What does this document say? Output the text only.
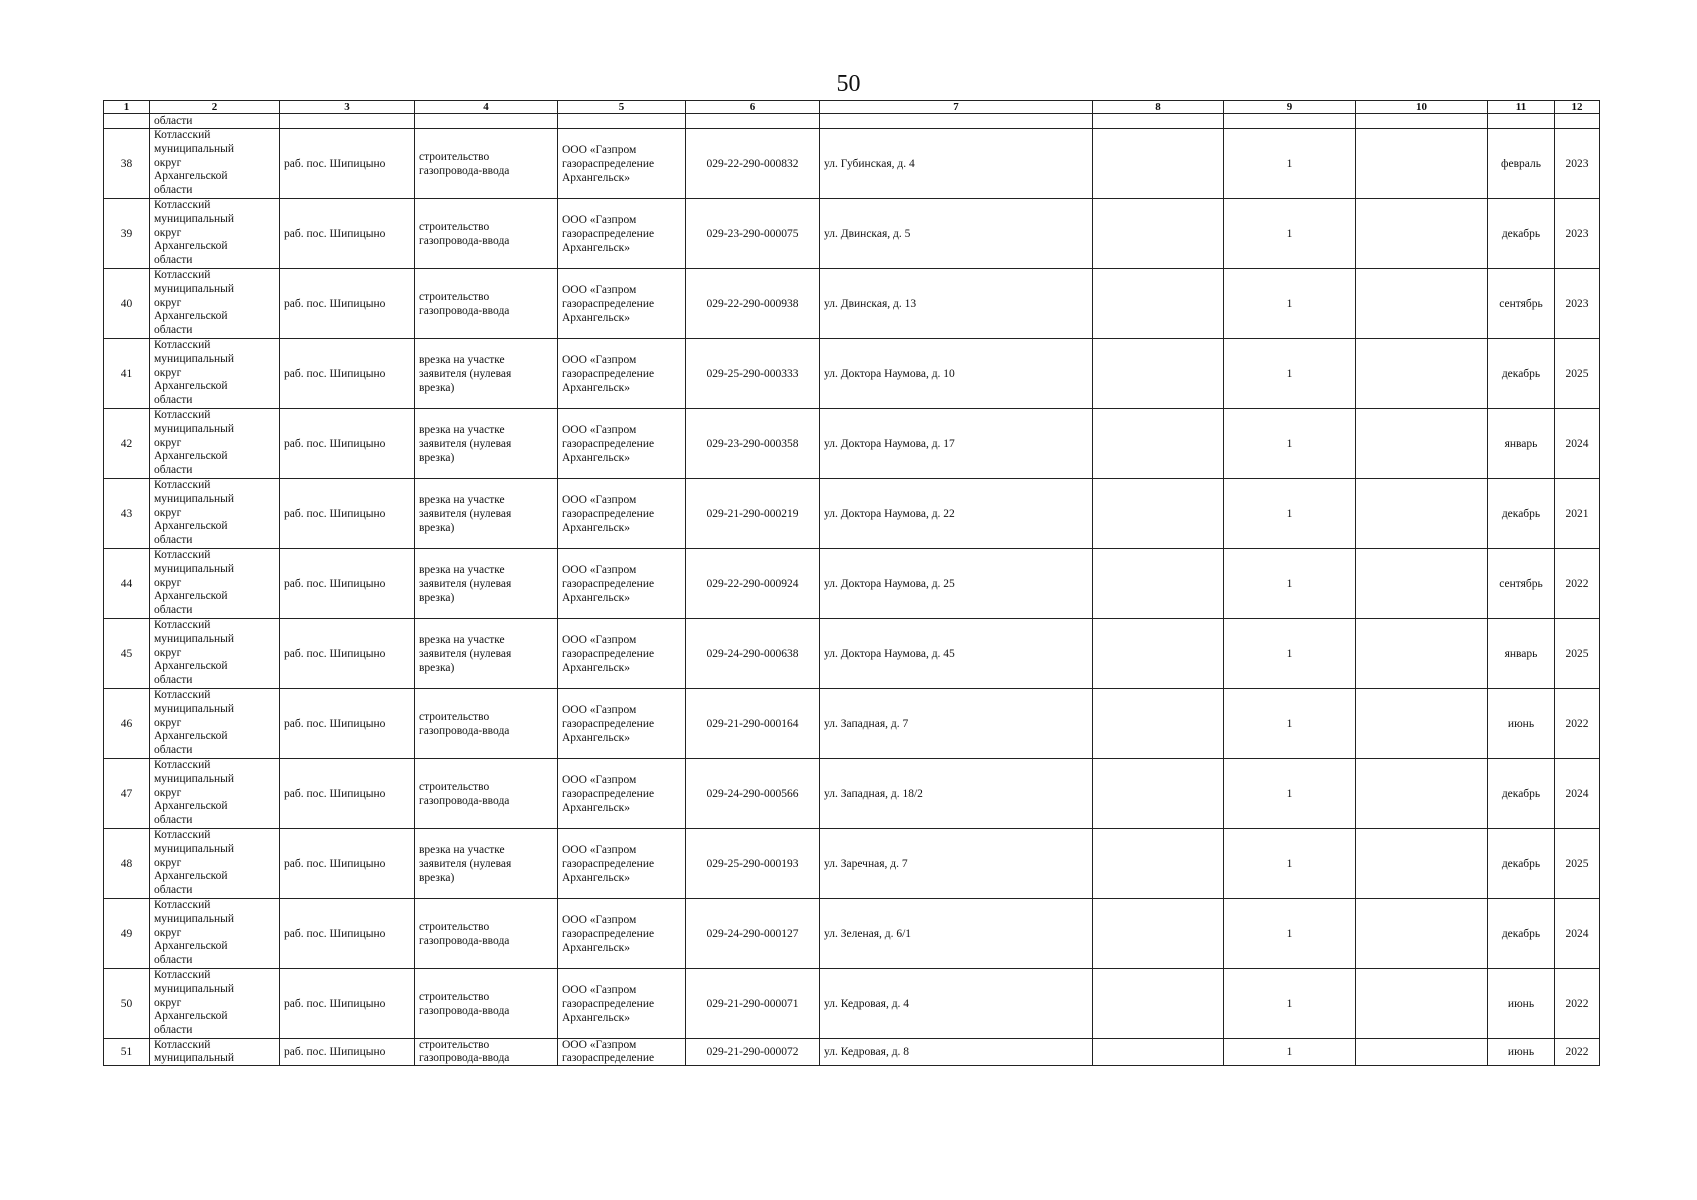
50
1	2	3	4	5	6	7	8	9	10	11	12
	области										
38	Котласский
муниципальный
округ
Архангельской
области	раб. пос. Шипицыно	строительство
газопровода-ввода	ООО «Газпром
газораспределение
Архангельск»	029-22-290-000832	ул. Губинская, д. 4		1		февраль	2023
39	Котласский
муниципальный
округ
Архангельской
области	раб. пос. Шипицыно	строительство
газопровода-ввода	ООО «Газпром
газораспределение
Архангельск»	029-23-290-000075	ул. Двинская, д. 5		1		декабрь	2023
40	Котласский
муниципальный
округ
Архангельской
области	раб. пос. Шипицыно	строительство
газопровода-ввода	ООО «Газпром
газораспределение
Архангельск»	029-22-290-000938	ул. Двинская, д. 13		1		сентябрь	2023
41	Котласский
муниципальный
округ
Архангельской
области	раб. пос. Шипицыно	врезка на участке
заявителя (нулевая
врезка)	ООО «Газпром
газораспределение
Архангельск»	029-25-290-000333	ул. Доктора Наумова, д. 10		1		декабрь	2025
42	Котласский
муниципальный
округ
Архангельской
области	раб. пос. Шипицыно	врезка на участке
заявителя (нулевая
врезка)	ООО «Газпром
газораспределение
Архангельск»	029-23-290-000358	ул. Доктора Наумова, д. 17		1		январь	2024
43	Котласский
муниципальный
округ
Архангельской
области	раб. пос. Шипицыно	врезка на участке
заявителя (нулевая
врезка)	ООО «Газпром
газораспределение
Архангельск»	029-21-290-000219	ул. Доктора Наумова, д. 22		1		декабрь	2021
44	Котласский
муниципальный
округ
Архангельской
области	раб. пос. Шипицыно	врезка на участке
заявителя (нулевая
врезка)	ООО «Газпром
газораспределение
Архангельск»	029-22-290-000924	ул. Доктора Наумова, д. 25		1		сентябрь	2022
45	Котласский
муниципальный
округ
Архангельской
области	раб. пос. Шипицыно	врезка на участке
заявителя (нулевая
врезка)	ООО «Газпром
газораспределение
Архангельск»	029-24-290-000638	ул. Доктора Наумова, д. 45		1		январь	2025
46	Котласский
муниципальный
округ
Архангельской
области	раб. пос. Шипицыно	строительство
газопровода-ввода	ООО «Газпром
газораспределение
Архангельск»	029-21-290-000164	ул. Западная, д. 7		1		июнь	2022
47	Котласский
муниципальный
округ
Архангельской
области	раб. пос. Шипицыно	строительство
газопровода-ввода	ООО «Газпром
газораспределение
Архангельск»	029-24-290-000566	ул. Западная, д. 18/2		1		декабрь	2024
48	Котласский
муниципальный
округ
Архангельской
области	раб. пос. Шипицыно	врезка на участке
заявителя (нулевая
врезка)	ООО «Газпром
газораспределение
Архангельск»	029-25-290-000193	ул. Заречная, д. 7		1		декабрь	2025
49	Котласский
муниципальный
округ
Архангельской
области	раб. пос. Шипицыно	строительство
газопровода-ввода	ООО «Газпром
газораспределение
Архангельск»	029-24-290-000127	ул. Зеленая, д. 6/1		1		декабрь	2024
50	Котласский
муниципальный
округ
Архангельской
области	раб. пос. Шипицыно	строительство
газопровода-ввода	ООО «Газпром
газораспределение
Архангельск»	029-21-290-000071	ул. Кедровая, д. 4		1		июнь	2022
51	Котласский
муниципальный	раб. пос. Шипицыно	строительство
газопровода-ввода	ООО «Газпром
газораспределение	029-21-290-000072	ул. Кедровая, д. 8		1		июнь	2022
